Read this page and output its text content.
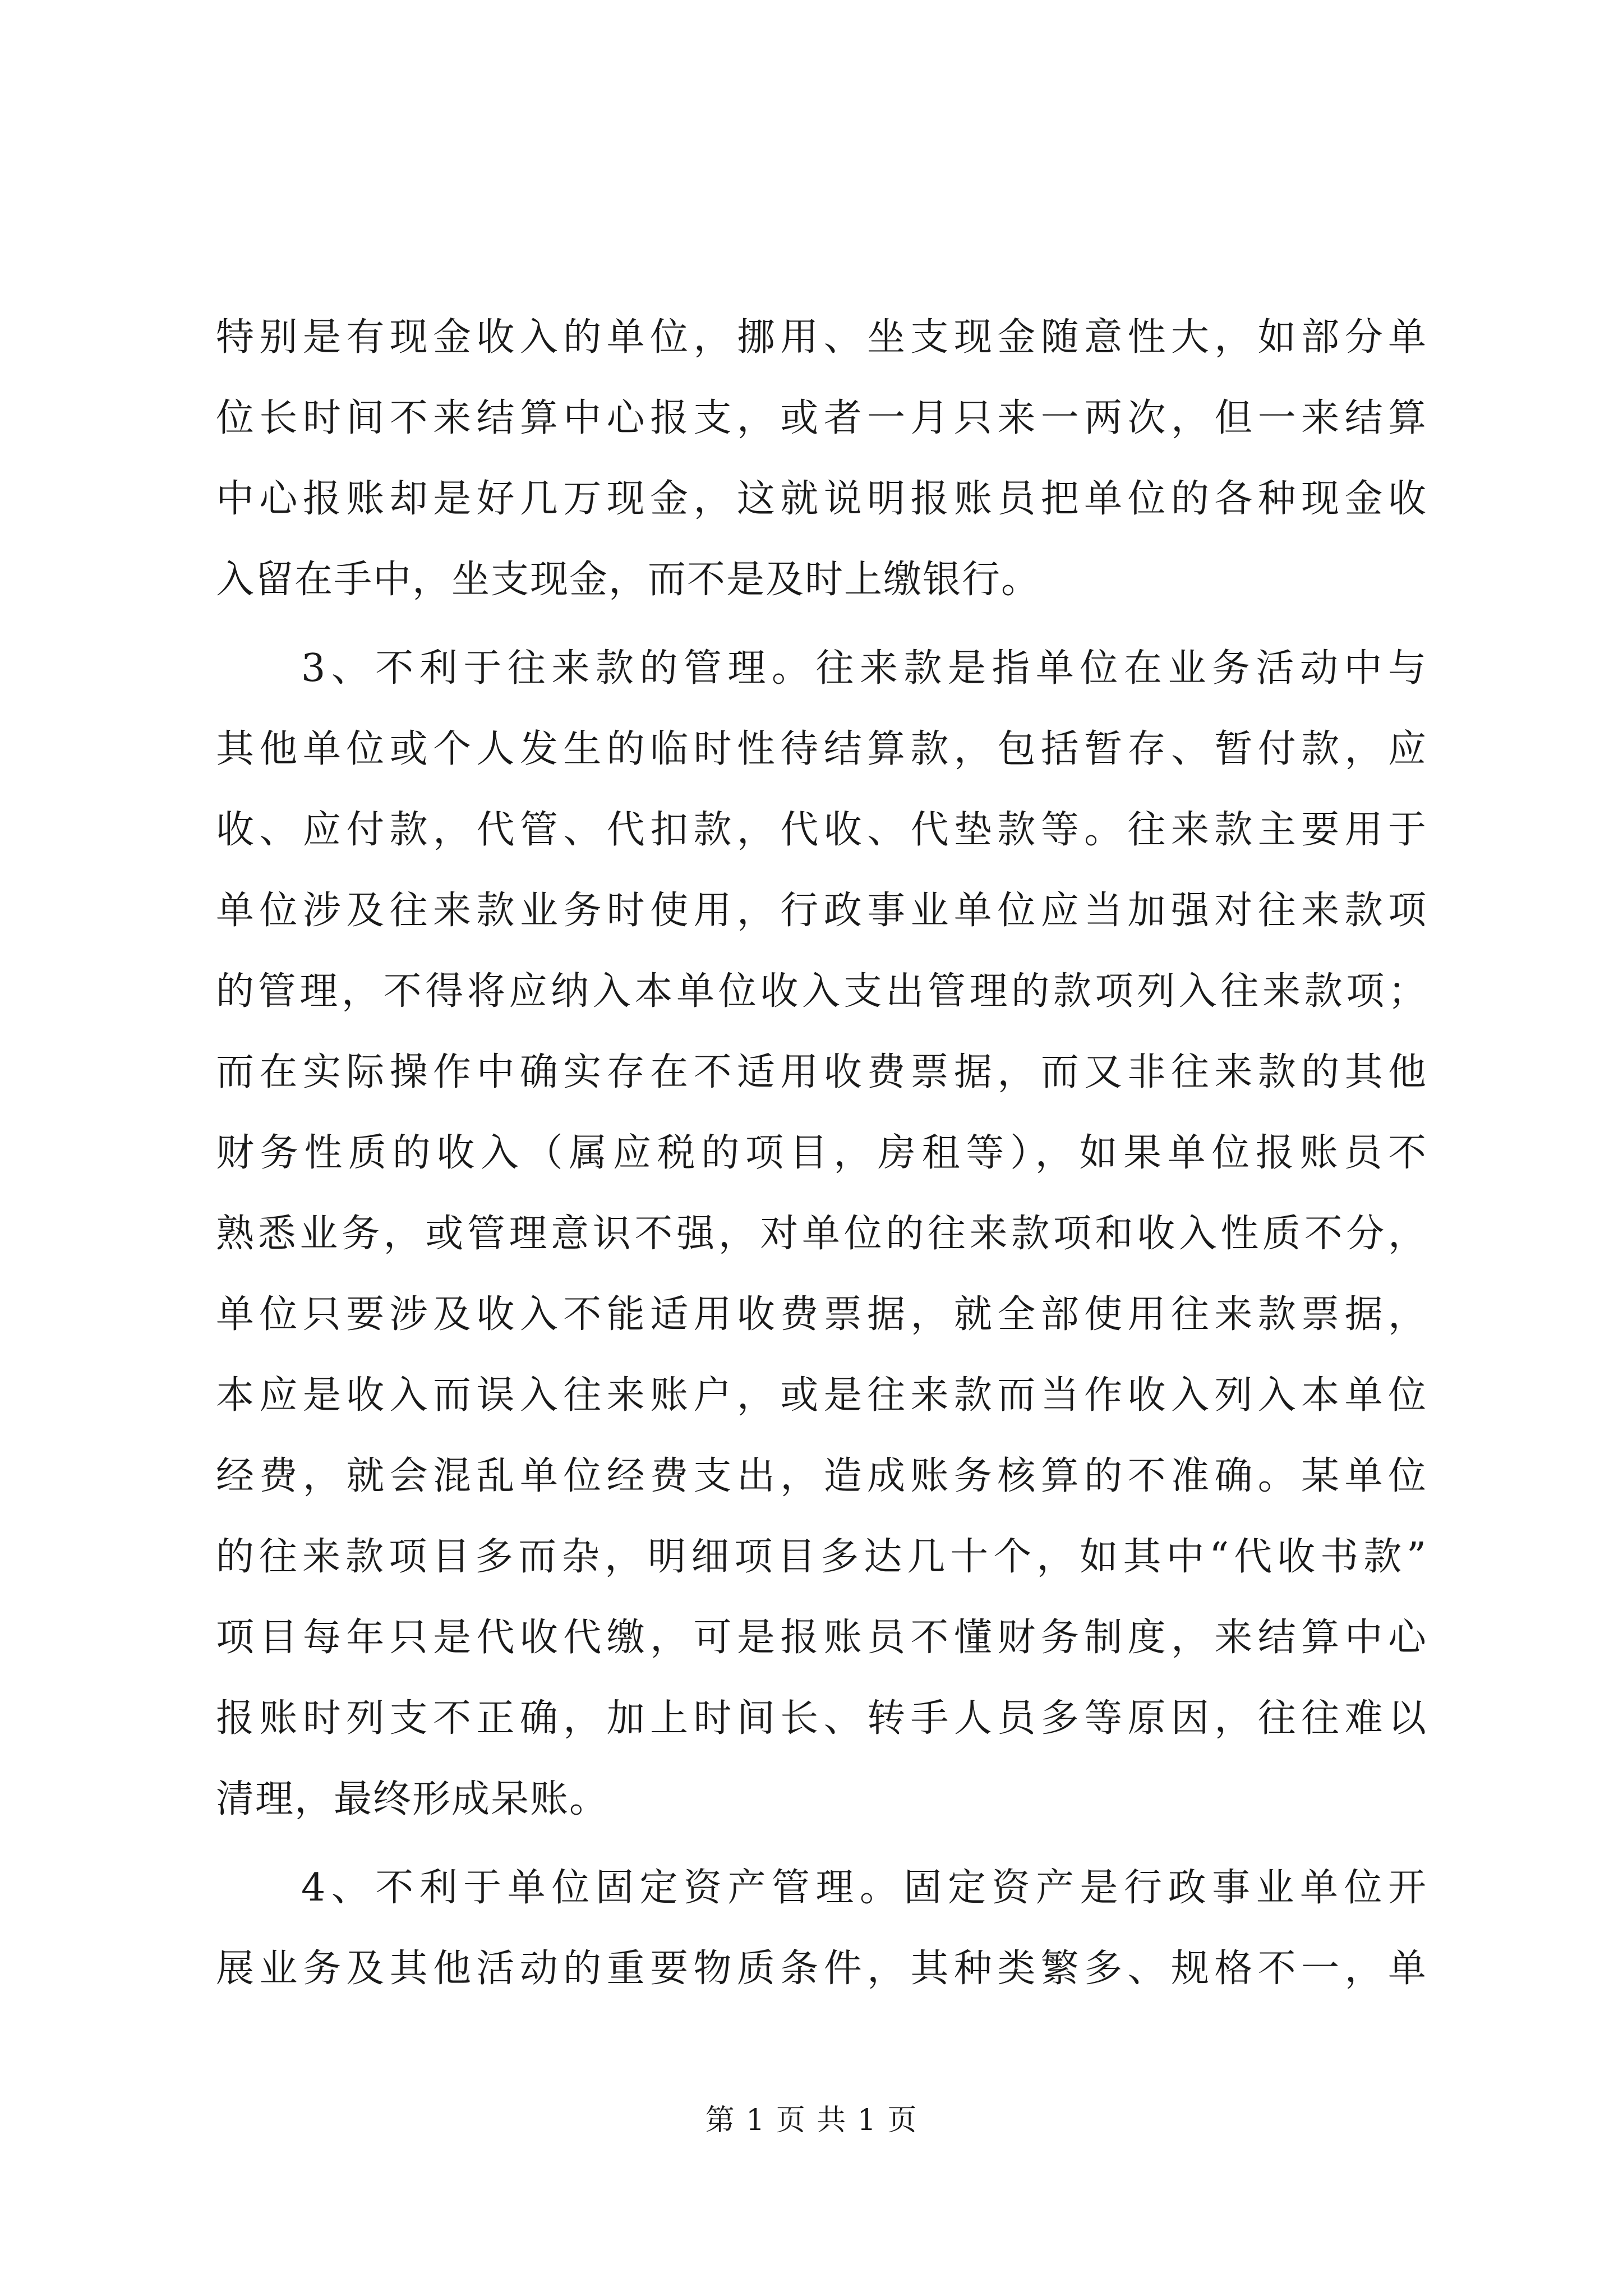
特别是有现金收入的单位，挪用、坐支现金随意性大，如部分单
位长时间不来结算中心报支，或者一月只来一两次，但一来结算
中心报账却是好几万现金，这就说明报账员把单位的各种现金收
入留在手中，坐支现金，而不是及时上缴银行。
3、不利于往来款的管理。往来款是指单位在业务活动中与
其他单位或个人发生的临时性待结算款，包括暂存、暂付款，应
收、应付款，代管、代扣款，代收、代垫款等。往来款主要用于
单位涉及往来款业务时使用，行政事业单位应当加强对往来款项
的管理，不得将应纳入本单位收入支出管理的款项列入往来款项；
而在实际操作中确实存在不适用收费票据，而又非往来款的其他
财务性质的收入（属应税的项目，房租等），如果单位报账员不
熟悉业务，或管理意识不强，对单位的往来款项和收入性质不分，
单位只要涉及收入不能适用收费票据，就全部使用往来款票据，
本应是收入而误入往来账户，或是往来款而当作收入列入本单位
经费，就会混乱单位经费支出，造成账务核算的不准确。某单位
的往来款项目多而杂，明细项目多达几十个，如其中“代收书款”
项目每年只是代收代缴，可是报账员不懂财务制度，来结算中心
报账时列支不正确，加上时间长、转手人员多等原因，往往难以
清理，最终形成呆账。
4、不利于单位固定资产管理。固定资产是行政事业单位开
展业务及其他活动的重要物质条件，其种类繁多、规格不一，单
第 1 页 共 1 页
